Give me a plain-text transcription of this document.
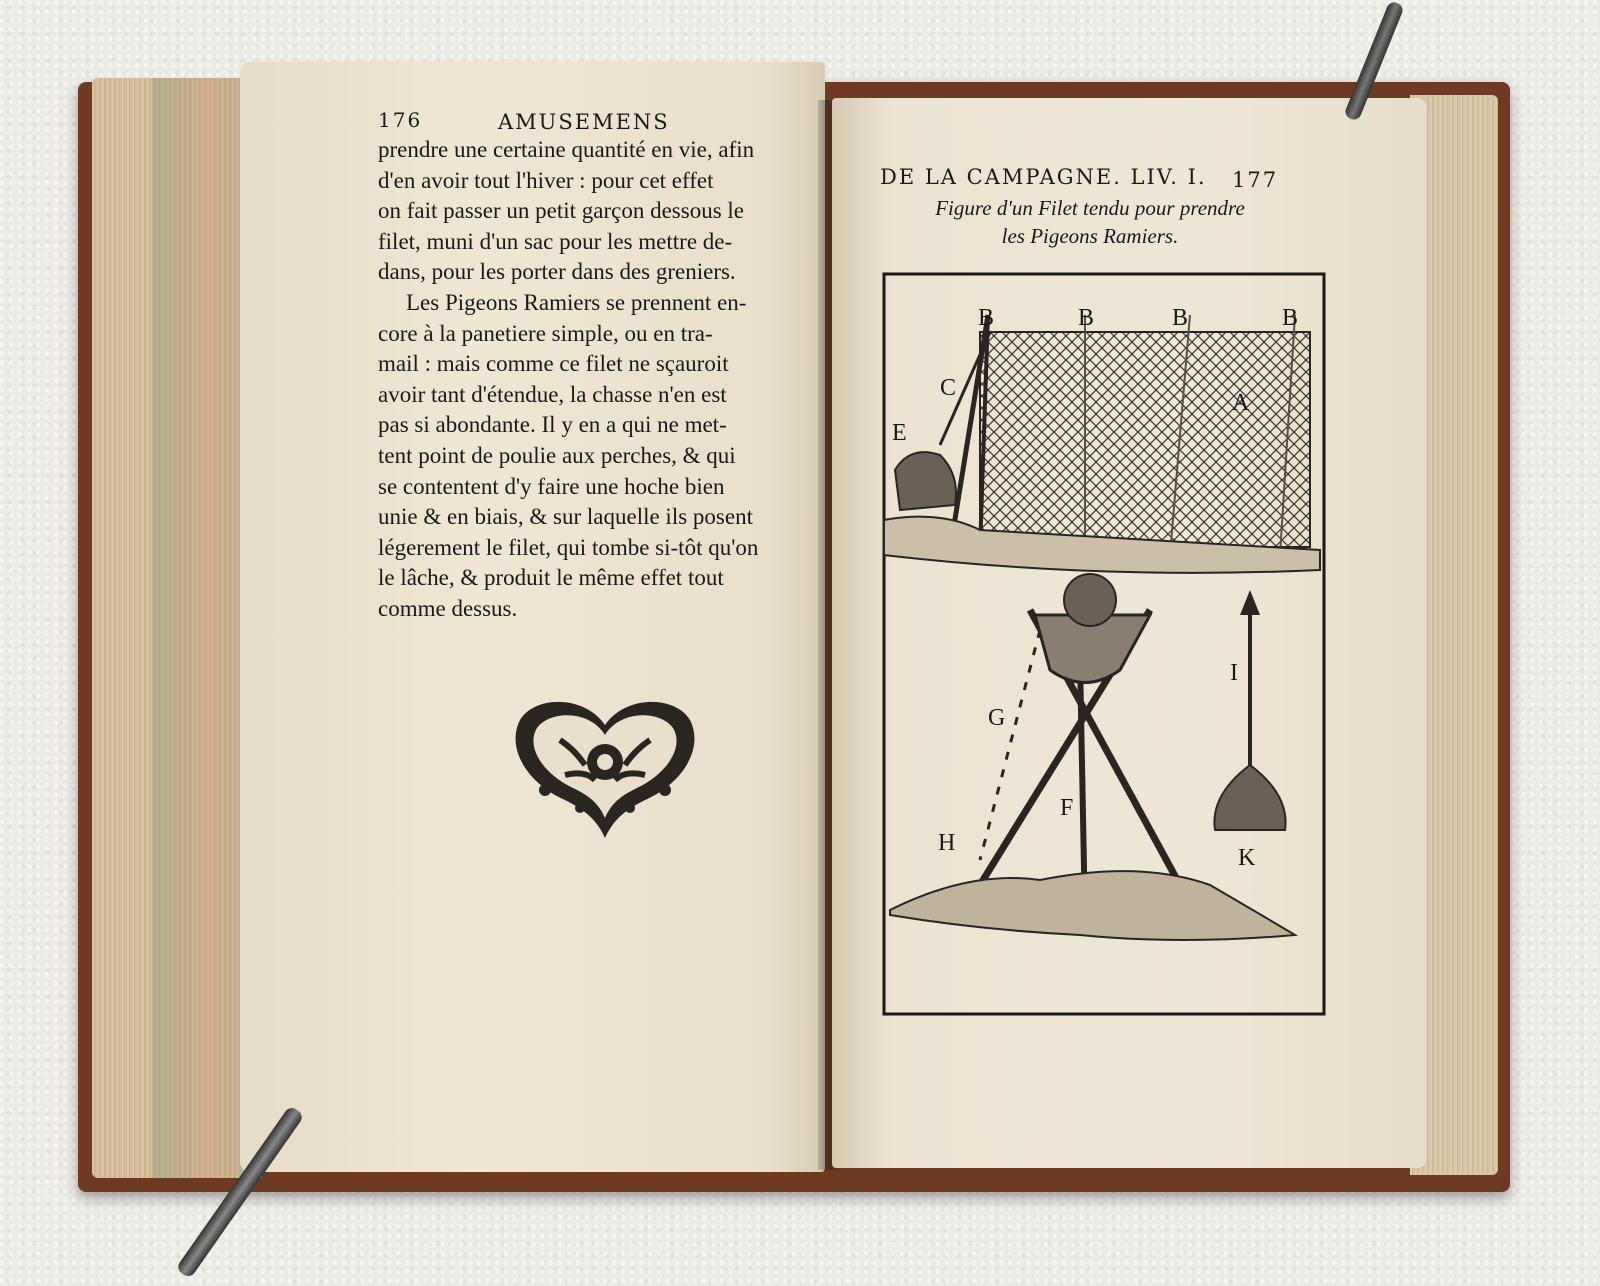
176	AMUSEMENS
prendre une certaine quantité en vie, afin
d'en avoir tout l'hiver : pour cet effet
on fait passer un petit garçon dessous le
filet, muni d'un sac pour les mettre de-
dans, pour les porter dans des greniers.
Les Pigeons Ramiers se prennent en-
core à la panetiere simple, ou en tra-
mail : mais comme ce filet ne sçauroit
avoir tant d'étendue, la chasse n'en est
pas si abondante. Il y en a qui ne met-
tent point de poulie aux perches, & qui
se contentent d'y faire une hoche bien
unie & en biais, & sur laquelle ils posent
légerement le filet, qui tombe si-tôt qu'on
le lâche, & produit le même effet tout
comme dessus.
DE LA CAMPAGNE. LIV. I. 177
Figure d'un Filet tendu pour prendre
les Pigeons Ramiers.
B	B	B	B
A
C
E
G
F
H
I
K
